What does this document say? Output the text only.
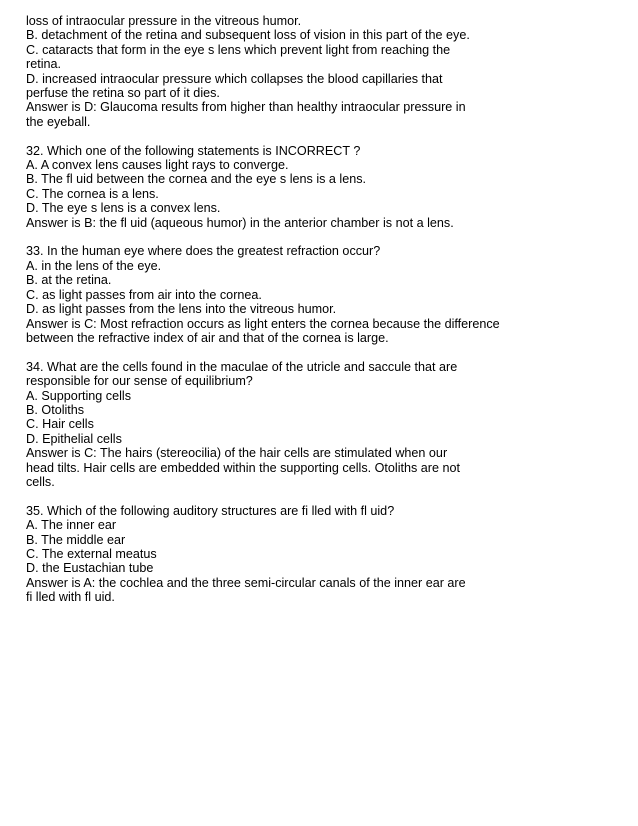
loss of intraocular pressure in the vitreous humor.

B. detachment of the retina and subsequent loss of vision in this part of the eye.

C. cataracts that form in the eye s lens which prevent light from reaching the

retina.

D. increased intraocular pressure which collapses the blood capillaries that

perfuse the retina so part of it dies.

Answer is D: Glaucoma results from higher than healthy intraocular pressure in

the eyeball.

32. Which one of the following statements is INCORRECT ?

A. A convex lens causes light rays to converge.

B. The fl uid between the cornea and the eye s lens is a lens.

C. The cornea is a lens.

D. The eye s lens is a convex lens.

Answer is B: the fl uid (aqueous humor) in the anterior chamber is not a lens.

33. In the human eye where does the greatest refraction occur?

A. in the lens of the eye.

B. at the retina.

C. as light passes from air into the cornea.

D. as light passes from the lens into the vitreous humor.

Answer is C: Most refraction occurs as light enters the cornea because the difference

between the refractive index of air and that of the cornea is large.

34. What are the cells found in the maculae of the utricle and saccule that are

responsible for our sense of equilibrium?

A. Supporting cells

B. Otoliths

C. Hair cells

D. Epithelial cells

Answer is C: The hairs (stereocilia) of the hair cells are stimulated when our

head tilts. Hair cells are embedded within the supporting cells. Otoliths are not

cells.

35. Which of the following auditory structures are fi lled with fl uid?

A. The inner ear

B. The middle ear

C. The external meatus

D. the Eustachian tube

Answer is A: the cochlea and the three semi-circular canals of the inner ear are

fi lled with fl uid.
